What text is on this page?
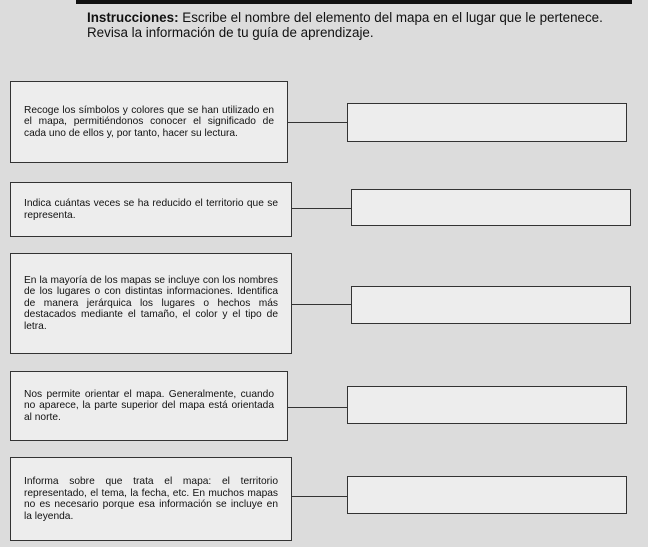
Instrucciones: Escribe el nombre del elemento del mapa en el lugar que le pertenece.
Revisa la información de tu guía de aprendizaje.
Recoge los símbolos y colores que se han utilizado en el mapa, permitiéndonos conocer el significado de cada uno de ellos y, por tanto, hacer su lectura.
Indica cuántas veces se ha reducido el territorio que se representa.
En la mayoría de los mapas se incluye con los nombres de los lugares o con distintas informaciones. Identifica de manera jerárquica los lugares o hechos más destacados mediante el tamaño, el color y el tipo de letra.
Nos permite orientar el mapa. Generalmente, cuando no aparece, la parte superior del mapa está orientada al norte.
Informa sobre que trata el mapa: el territorio representado, el tema, la fecha, etc. En muchos mapas no es necesario porque esa información se incluye en la leyenda.
